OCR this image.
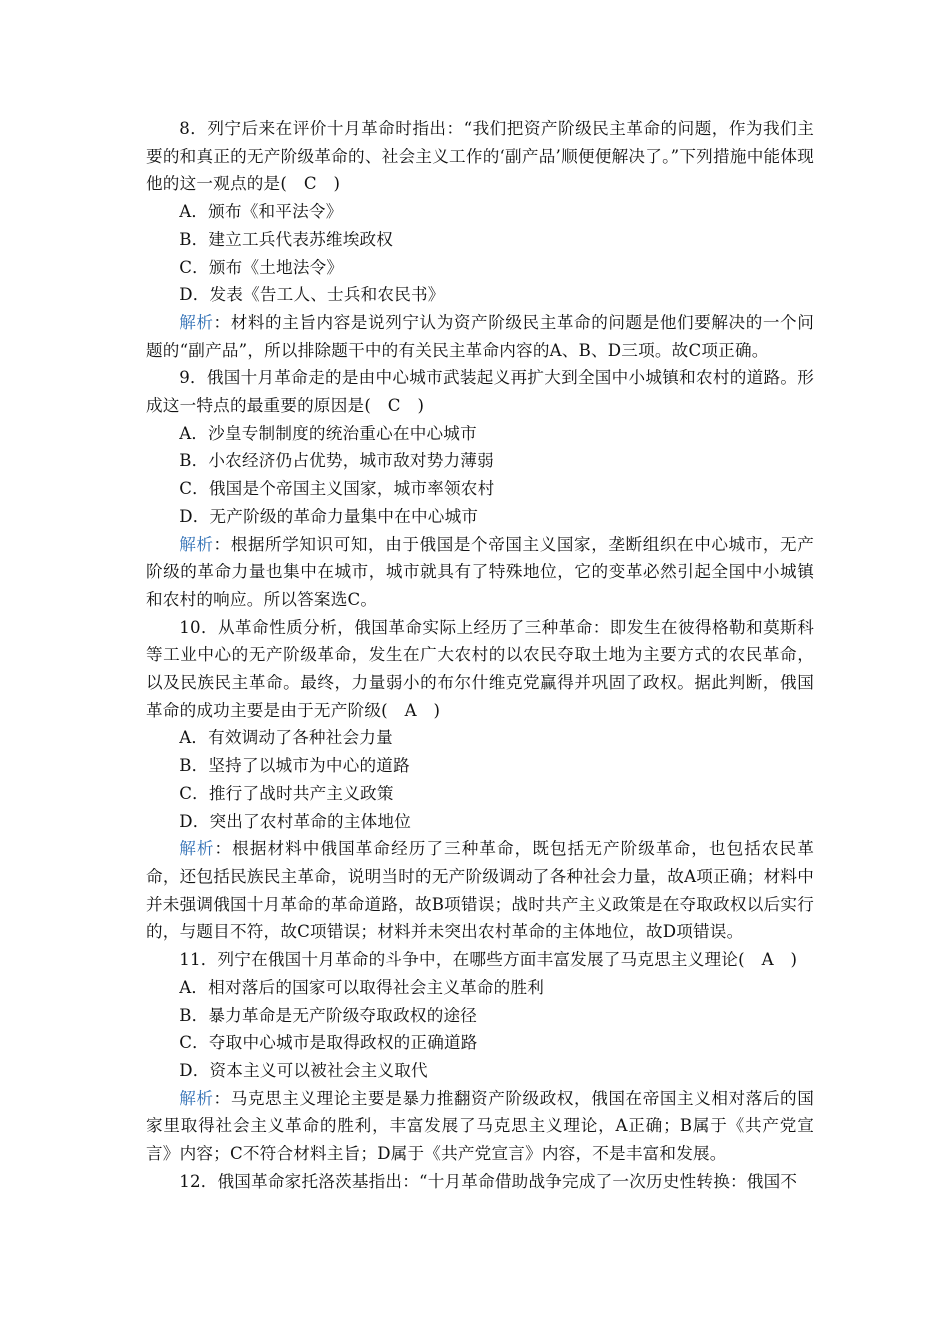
8．列宁后来在评价十月革命时指出：“我们把资产阶级民主革命的问题，作为我们主要的和真正的无产阶级革命的、社会主义工作的‘副产品’顺便便解决了。”下列措施中能体现他的这一观点的是(　C　)

A．颁布《和平法令》

B．建立工兵代表苏维埃政权

C．颁布《土地法令》

D．发表《告工人、士兵和农民书》

解析：材料的主旨内容是说列宁认为资产阶级民主革命的问题是他们要解决的一个问题的“副产品”，所以排除题干中的有关民主革命内容的A、B、D三项。故C项正确。

9．俄国十月革命走的是由中心城市武装起义再扩大到全国中小城镇和农村的道路。形成这一特点的最重要的原因是(　C　)

A．沙皇专制制度的统治重心在中心城市

B．小农经济仍占优势，城市敌对势力薄弱

C．俄国是个帝国主义国家，城市率领农村

D．无产阶级的革命力量集中在中心城市

解析：根据所学知识可知，由于俄国是个帝国主义国家，垄断组织在中心城市，无产阶级的革命力量也集中在城市，城市就具有了特殊地位，它的变革必然引起全国中小城镇和农村的响应。所以答案选C。

10．从革命性质分析，俄国革命实际上经历了三种革命：即发生在彼得格勒和莫斯科等工业中心的无产阶级革命，发生在广大农村的以农民夺取土地为主要方式的农民革命，以及民族民主革命。最终，力量弱小的布尔什维克党赢得并巩固了政权。据此判断，俄国革命的成功主要是由于无产阶级(　A　)

A．有效调动了各种社会力量

B．坚持了以城市为中心的道路

C．推行了战时共产主义政策

D．突出了农村革命的主体地位

解析：根据材料中俄国革命经历了三种革命，既包括无产阶级革命，也包括农民革命，还包括民族民主革命，说明当时的无产阶级调动了各种社会力量，故A项正确；材料中并未强调俄国十月革命的革命道路，故B项错误；战时共产主义政策是在夺取政权以后实行的，与题目不符，故C项错误；材料并未突出农村革命的主体地位，故D项错误。

11．列宁在俄国十月革命的斗争中，在哪些方面丰富发展了马克思主义理论(　A　)

A．相对落后的国家可以取得社会主义革命的胜利

B．暴力革命是无产阶级夺取政权的途径

C．夺取中心城市是取得政权的正确道路

D．资本主义可以被社会主义取代

解析：马克思主义理论主要是暴力推翻资产阶级政权，俄国在帝国主义相对落后的国家里取得社会主义革命的胜利，丰富发展了马克思主义理论，A正确；B属于《共产党宣言》内容；C不符合材料主旨；D属于《共产党宣言》内容，不是丰富和发展。

12．俄国革命家托洛茨基指出：“十月革命借助战争完成了一次历史性转换：俄国不
